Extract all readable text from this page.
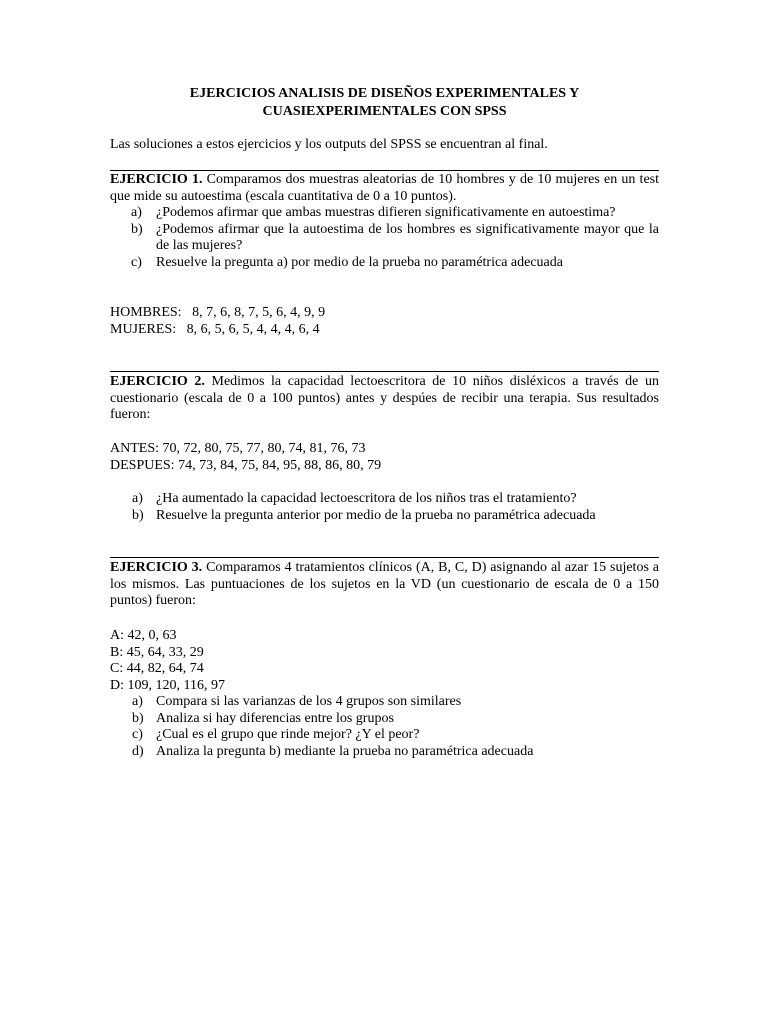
EJERCICIOS ANALISIS DE DISEÑOS EXPERIMENTALES Y
CUASIEXPERIMENTALES CON SPSS
Las soluciones a estos ejercicios y los outputs del SPSS se encuentran al final.
EJERCICIO 1. Comparamos dos muestras aleatorias de 10 hombres y de 10 mujeres en un test que mide su autoestima (escala cuantitativa de 0 a 10 puntos).
a) ¿Podemos afirmar que ambas muestras difieren significativamente en autoestima?
b) ¿Podemos afirmar que la autoestima de los hombres es significativamente mayor que la de las mujeres?
c) Resuelve la pregunta a) por medio de la prueba no paramétrica adecuada
HOMBRES:   8, 7, 6, 8, 7, 5, 6, 4, 9, 9
MUJERES:   8, 6, 5, 6, 5, 4, 4, 4, 6, 4
EJERCICIO 2. Medimos la capacidad lectoescritora de 10 niños disléxicos a través de un cuestionario (escala de 0 a 100 puntos) antes y despúes de recibir una terapia. Sus resultados fueron:
ANTES: 70, 72, 80, 75, 77, 80, 74, 81, 76, 73
DESPUES: 74, 73, 84, 75, 84, 95, 88, 86, 80, 79
a) ¿Ha aumentado la capacidad lectoescritora de los niños tras el tratamiento?
b) Resuelve la pregunta anterior por medio de la prueba no paramétrica adecuada
EJERCICIO 3. Comparamos 4 tratamientos clínicos (A, B, C, D) asignando al azar 15 sujetos a los mismos. Las puntuaciones de los sujetos en la VD (un cuestionario de escala de 0 a 150 puntos) fueron:
A: 42, 0, 63
B: 45, 64, 33, 29
C: 44, 82, 64, 74
D: 109, 120, 116, 97
a) Compara si las varianzas de los 4 grupos son similares
b) Analiza si hay diferencias entre los grupos
c) ¿Cual es el grupo que rinde mejor? ¿Y el peor?
d) Analiza la pregunta b) mediante la prueba no paramétrica adecuada
